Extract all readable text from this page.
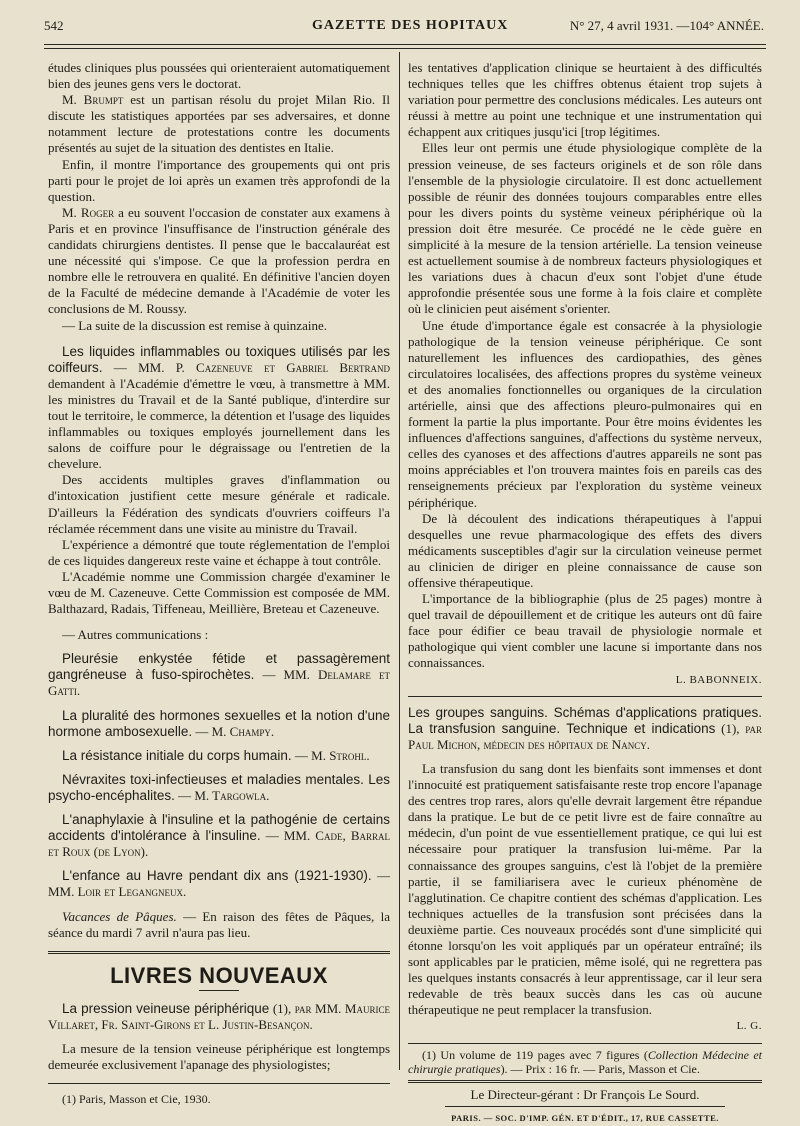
542	GAZETTE DES HOPITAUX	N° 27, 4 avril 1931. —104° ANNÉE.

études cliniques plus poussées qui orienteraient automatiquement bien des jeunes gens vers le doctorat.

M. Brumpt est un partisan résolu du projet Milan Rio. Il discute les statistiques apportées par ses adversaires, et donne notamment lecture de protestations contre les documents présentés au sujet de la situation des dentistes en Italie.

Enfin, il montre l'importance des groupements qui ont pris parti pour le projet de loi après un examen très approfondi de la question.

M. Roger a eu souvent l'occasion de constater aux examens à Paris et en province l'insuffisance de l'instruction générale des candidats chirurgiens dentistes. Il pense que le baccalauréat est une nécessité qui s'impose. Ce que la profession perdra en nombre elle le retrouvera en qualité. En définitive l'ancien doyen de la Faculté de médecine demande à l'Académie de voter les conclusions de M. Roussy.

— La suite de la discussion est remise à quinzaine.

Les liquides inflammables ou toxiques utilisés par les coiffeurs. — MM. P. Cazeneuve et Gabriel Bertrand demandent à l'Académie d'émettre le vœu, à transmettre à MM. les ministres du Travail et de la Santé publique, d'interdire sur tout le territoire, le commerce, la détention et l'usage des liquides inflammables ou toxiques employés journellement dans les salons de coiffure pour le dégraissage ou l'entretien de la chevelure.

Des accidents multiples graves d'inflammation ou d'intoxication justifient cette mesure générale et radicale. D'ailleurs la Fédération des syndicats d'ouvriers coiffeurs l'a réclamée récemment dans une visite au ministre du Travail.

L'expérience a démontré que toute réglementation de l'emploi de ces liquides dangereux reste vaine et échappe à tout contrôle.

L'Académie nomme une Commission chargée d'examiner le vœu de M. Cazeneuve. Cette Commission est composée de MM. Balthazard, Radais, Tiffeneau, Meillière, Breteau et Cazeneuve.

— Autres communications :

Pleurésie enkystée fétide et passagèrement gangréneuse à fuso-spirochètes. — MM. Delamare et Gatti.

La pluralité des hormones sexuelles et la notion d'une hormone ambosexuelle. — M. Champy.

La résistance initiale du corps humain. — M. Strohl.

Névraxites toxi-infectieuses et maladies mentales. Les psycho-encéphalites. — M. Targowla.

L'anaphylaxie à l'insuline et la pathogénie de certains accidents d'intolérance à l'insuline. — MM. Cade, Barral et Roux (de Lyon).

L'enfance au Havre pendant dix ans (1921-1930). — MM. Loir et Legangneux.

Vacances de Pâques. — En raison des fêtes de Pâques, la séance du mardi 7 avril n'aura pas lieu.

LIVRES NOUVEAUX

La pression veineuse périphérique (1), par MM. Maurice Villaret, Fr. Saint-Girons et L. Justin-Besançon.

La mesure de la tension veineuse périphérique est longtemps demeurée exclusivement l'apanage des physiologistes;

(1) Paris, Masson et Cie, 1930.

les tentatives d'application clinique se heurtaient à des difficultés techniques telles que les chiffres obtenus étaient trop sujets à variation pour permettre des conclusions médicales. Les auteurs ont réussi à mettre au point une technique et une instrumentation qui échappent aux critiques jusqu'ici [trop légitimes.

Elles leur ont permis une étude physiologique complète de la pression veineuse, de ses facteurs originels et de son rôle dans l'ensemble de la physiologie circulatoire. Il est donc actuellement possible de réunir des données toujours comparables entre elles pour les divers points du système veineux périphérique où la pression doit être mesurée. Ce procédé ne le cède guère en simplicité à la mesure de la tension artérielle. La tension veineuse est actuellement soumise à de nombreux facteurs physiologiques et les variations dues à chacun d'eux sont l'objet d'une étude approfondie présentée sous une forme à la fois claire et complète où le clinicien peut aisément s'orienter.

Une étude d'importance égale est consacrée à la physiologie pathologique de la tension veineuse périphérique. Ce sont naturellement les influences des cardiopathies, des gènes circulatoires localisées, des affections propres du système veineux et des anomalies fonctionnelles ou organiques de la circulation artérielle, ainsi que des affections pleuro-pulmonaires qui en forment la partie la plus importante. Pour être moins évidentes les influences d'affections sanguines, d'affections du système nerveux, celles des cyanoses et des affections d'autres appareils ne sont pas moins appréciables et l'on trouvera maintes fois en pareils cas des renseignements précieux par l'exploration du système veineux périphérique.

De là découlent des indications thérapeutiques à l'appui desquelles une revue pharmacologique des effets des divers médicaments susceptibles d'agir sur la circulation veineuse permet au clinicien de diriger en pleine connaissance de cause son offensive thérapeutique.

L'importance de la bibliographie (plus de 25 pages) montre à quel travail de dépouillement et de critique les auteurs ont dû faire face pour édifier ce beau travail de physiologie normale et pathologique qui vient combler une lacune si importante dans nos connaissances.

L. BABONNEIX.

Les groupes sanguins. Schémas d'applications pratiques. La transfusion sanguine. Technique et indications (1), par Paul Michon, médecin des hôpitaux de Nancy.

La transfusion du sang dont les bienfaits sont immenses et dont l'innocuité est pratiquement satisfaisante reste trop encore l'apanage des centres trop rares, alors qu'elle devrait largement être répandue dans la pratique. Le but de ce petit livre est de faire connaître au médecin, d'un point de vue essentiellement pratique, ce qui lui est nécessaire pour pratiquer la transfusion lui-même. Par la connaissance des groupes sanguins, c'est là l'objet de la première partie, il se familiarisera avec le curieux phénomène de l'agglutination. Ce chapitre contient des schémas d'application. Les techniques actuelles de la transfusion sont précisées dans la deuxième partie. Ces nouveaux procédés sont d'une simplicité qui étonne lorsqu'on les voit appliqués par un opérateur entraîné; ils sont applicables par le praticien, même isolé, qui ne regrettera pas les quelques instants consacrés à leur apprentissage, car il leur sera redevable de très beaux succès dans les cas où aucune thérapeutique ne peut remplacer la transfusion.

L. G.

(1) Un volume de 119 pages avec 7 figures (Collection Médecine et chirurgie pratiques). — Prix : 16 fr. — Paris, Masson et Cie.

Le Directeur-gérant : Dr François Le Sourd.

PARIS. — SOC. D'IMP. GÉN. ET D'ÉDIT., 17, RUE CASSETTE.
